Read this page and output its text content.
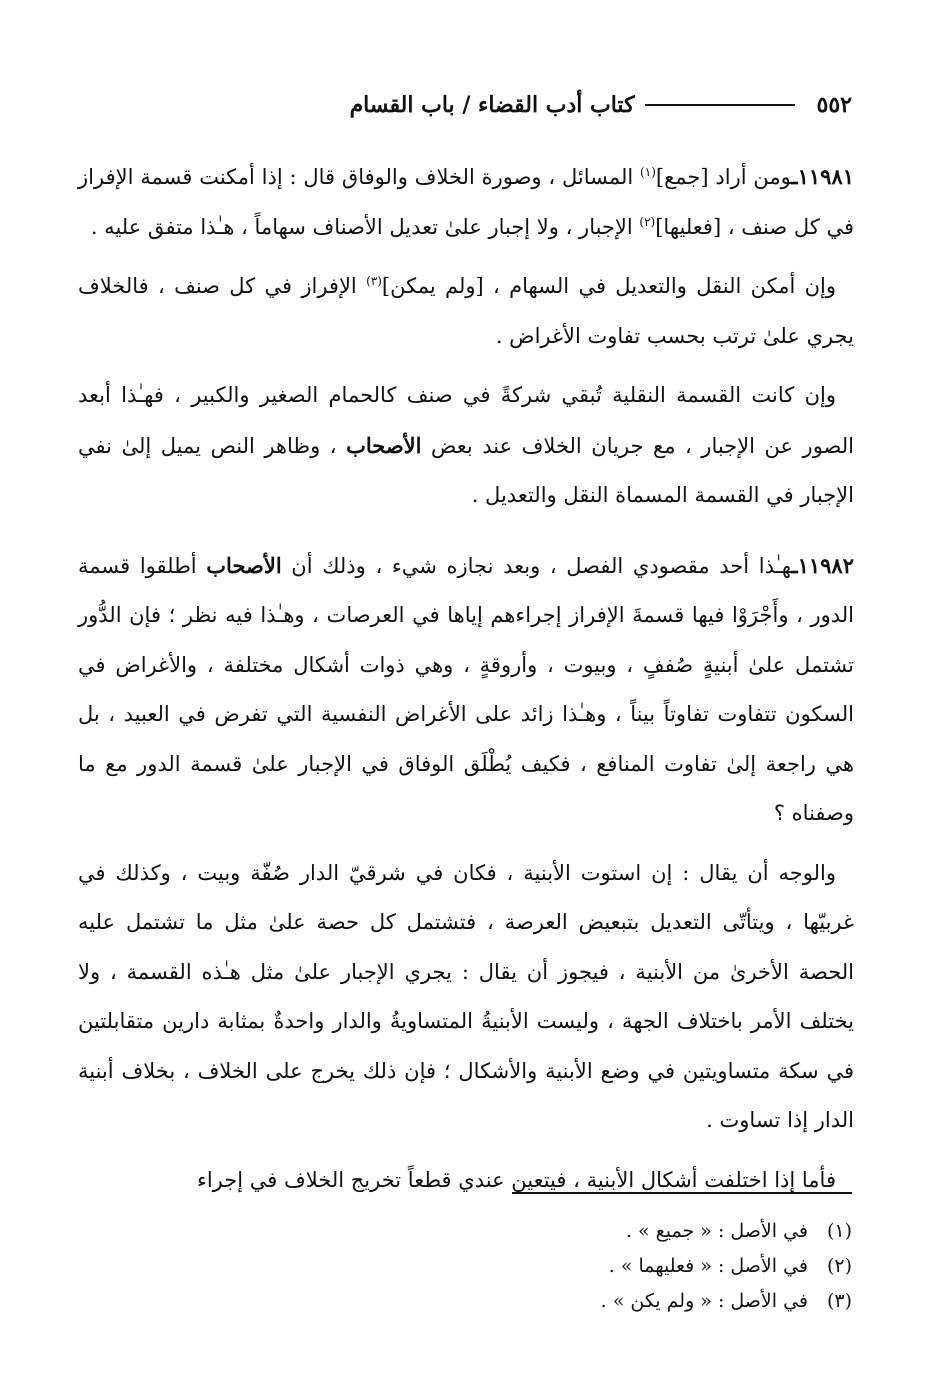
٥٥٢
كتاب أدب القضاء / باب القسام

١١٩٨١ـومن أراد [جمع]$^{(١)}$ المسائل ، وصورة الخلاف والوفاق قال : إذا أمكنت قسمة الإفراز في كل صنف ، [فعليها]$^{(٢)}$ الإجبار ، ولا إجبار علىٰ تعديل الأصناف سهاماً ، هـٰذا متفق عليه .

وإن أمكن النقل والتعديل في السهام ، [ولم يمكن]$^{(٣)}$ الإفراز في كل صنف ، فالخلاف يجري علىٰ ترتب بحسب تفاوت الأغراض .

وإن كانت القسمة النقلية تُبقي شركةً في صنف كالحمام الصغير والكبير ، فهـٰذا أبعد الصور عن الإجبار ، مع جريان الخلاف عند بعض الأصحاب ، وظاهر النص يميل إلىٰ نفي الإجبار في القسمة المسماة النقل والتعديل .

١١٩٨٢ـهـٰذا أحد مقصودي الفصل ، وبعد نجازه شيء ، وذلك أن الأصحاب أطلقوا قسمة الدور ، وأَجْرَوْا فيها قسمةَ الإفراز إجراءهم إياها في العرصات ، وهـٰذا فيه نظر ؛ فإن الدُّور تشتمل علىٰ أبنيةٍ صُففٍ ، وبيوت ، وأروقةٍ ، وهي ذوات أشكال مختلفة ، والأغراض في السكون تتفاوت تفاوتاً بيناً ، وهـٰذا زائد على الأغراض النفسية التي تفرض في العبيد ، بل هي راجعة إلىٰ تفاوت المنافع ، فكيف يُطْلَق الوفاق في الإجبار علىٰ قسمة الدور مع ما وصفناه ؟

والوجه أن يقال : إن استوت الأبنية ، فكان في شرقيّ الدار صُفّة وبيت ، وكذلك في غربيّها ، ويتأتّى التعديل بتبعيض العرصة ، فتشتمل كل حصة علىٰ مثل ما تشتمل عليه الحصة الأخرىٰ من الأبنية ، فيجوز أن يقال : يجري الإجبار علىٰ مثل هـٰذه القسمة ، ولا يختلف الأمر باختلاف الجهة ، وليست الأبنيةُ المتساويةُ والدار واحدةٌ بمثابة دارين متقابلتين في سكة متساويتين في وضع الأبنية والأشكال ؛ فإن ذلك يخرج على الخلاف ، بخلاف أبنية الدار إذا تساوت .

فأما إذا اختلفت أشكال الأبنية ، فيتعين عندي قطعاً تخريج الخلاف في إجراء

(١)في الأصل : « جميع » .
(٢)في الأصل : « فعليهما » .
(٣)في الأصل : « ولم يكن » .
